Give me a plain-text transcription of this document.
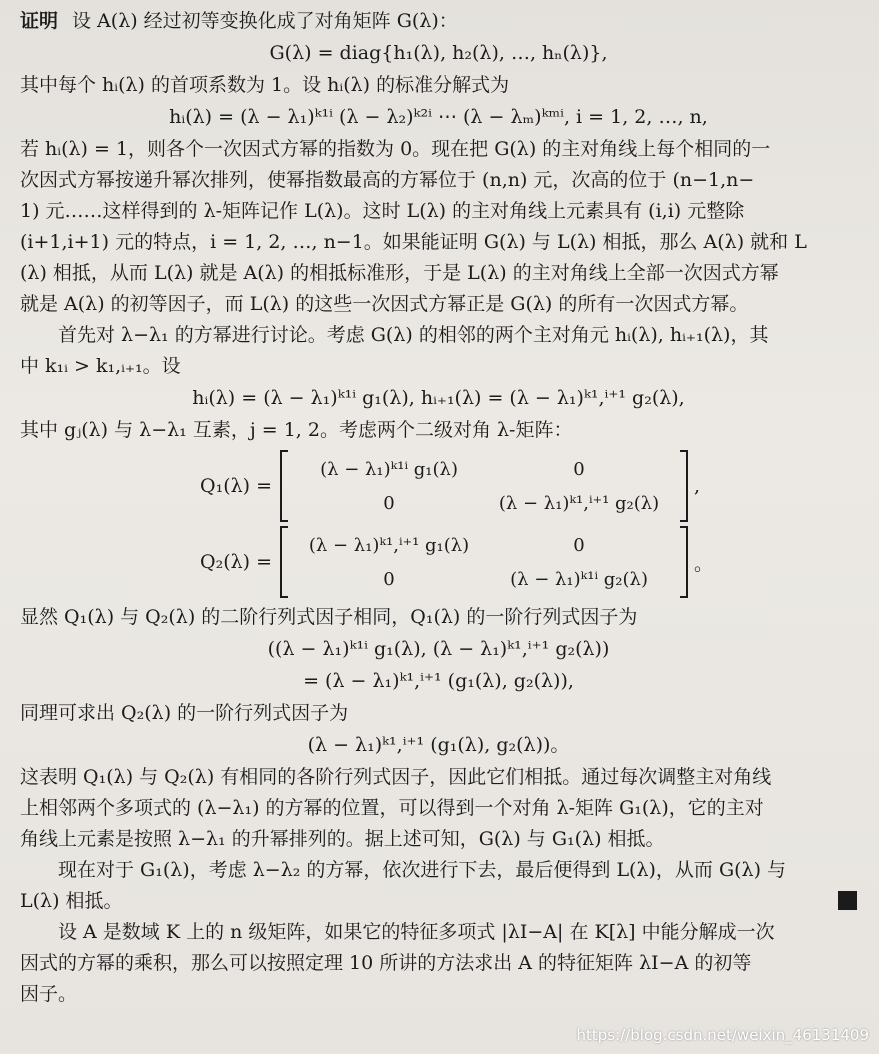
证明 设 A(λ) 经过初等变换化成了对角矩阵 G(λ)：

G(λ) = diag{h₁(λ), h₂(λ), …, hₙ(λ)},

其中每个 hᵢ(λ) 的首项系数为 1。设 hᵢ(λ) 的标准分解式为

hᵢ(λ) = (λ − λ₁)ᵏ¹ⁱ (λ − λ₂)ᵏ²ⁱ ⋯ (λ − λₘ)ᵏᵐⁱ, i = 1, 2, …, n,

若 hᵢ(λ) = 1，则各个一次因式方幂的指数为 0。现在把 G(λ) 的主对角线上每个相同的一

次因式方幂按递升幂次排列，使幂指数最高的方幂位于 (n,n) 元，次高的位于 (n−1,n−

1) 元……这样得到的 λ-矩阵记作 L(λ)。这时 L(λ) 的主对角线上元素具有 (i,i) 元整除

(i+1,i+1) 元的特点，i = 1, 2, …, n−1。如果能证明 G(λ) 与 L(λ) 相抵，那么 A(λ) 就和 L

(λ) 相抵，从而 L(λ) 就是 A(λ) 的相抵标准形，于是 L(λ) 的主对角线上全部一次因式方幂

就是 A(λ) 的初等因子，而 L(λ) 的这些一次因式方幂正是 G(λ) 的所有一次因式方幂。

首先对 λ−λ₁ 的方幂进行讨论。考虑 G(λ) 的相邻的两个主对角元 hᵢ(λ), hᵢ₊₁(λ)，其

中 k₁ᵢ > k₁,ᵢ₊₁。设

hᵢ(λ) = (λ − λ₁)ᵏ¹ⁱ g₁(λ), hᵢ₊₁(λ) = (λ − λ₁)ᵏ¹,ⁱ⁺¹ g₂(λ),

其中 gⱼ(λ) 与 λ−λ₁ 互素，j = 1, 2。考虑两个二级对角 λ-矩阵：

Q₁(λ) =
(λ − λ₁)ᵏ¹ⁱ g₁(λ)	0
0	(λ − λ₁)ᵏ¹,ⁱ⁺¹ g₂(λ)
,
Q₂(λ) =
(λ − λ₁)ᵏ¹,ⁱ⁺¹ g₁(λ)	0
0	(λ − λ₁)ᵏ¹ⁱ g₂(λ)
。

显然 Q₁(λ) 与 Q₂(λ) 的二阶行列式因子相同，Q₁(λ) 的一阶行列式因子为

((λ − λ₁)ᵏ¹ⁱ g₁(λ), (λ − λ₁)ᵏ¹,ⁱ⁺¹ g₂(λ))
= (λ − λ₁)ᵏ¹,ⁱ⁺¹ (g₁(λ), g₂(λ)),

同理可求出 Q₂(λ) 的一阶行列式因子为

(λ − λ₁)ᵏ¹,ⁱ⁺¹ (g₁(λ), g₂(λ))。

这表明 Q₁(λ) 与 Q₂(λ) 有相同的各阶行列式因子，因此它们相抵。通过每次调整主对角线

上相邻两个多项式的 (λ−λ₁) 的方幂的位置，可以得到一个对角 λ-矩阵 G₁(λ)，它的主对

角线上元素是按照 λ−λ₁ 的升幂排列的。据上述可知，G(λ) 与 G₁(λ) 相抵。

现在对于 G₁(λ)，考虑 λ−λ₂ 的方幂，依次进行下去，最后便得到 L(λ)，从而 G(λ) 与

L(λ) 相抵。

设 A 是数域 K 上的 n 级矩阵，如果它的特征多项式 |λI−A| 在 K[λ] 中能分解成一次

因式的方幂的乘积，那么可以按照定理 10 所讲的方法求出 A 的特征矩阵 λI−A 的初等

因子。

https://blog.csdn.net/weixin_46131409
